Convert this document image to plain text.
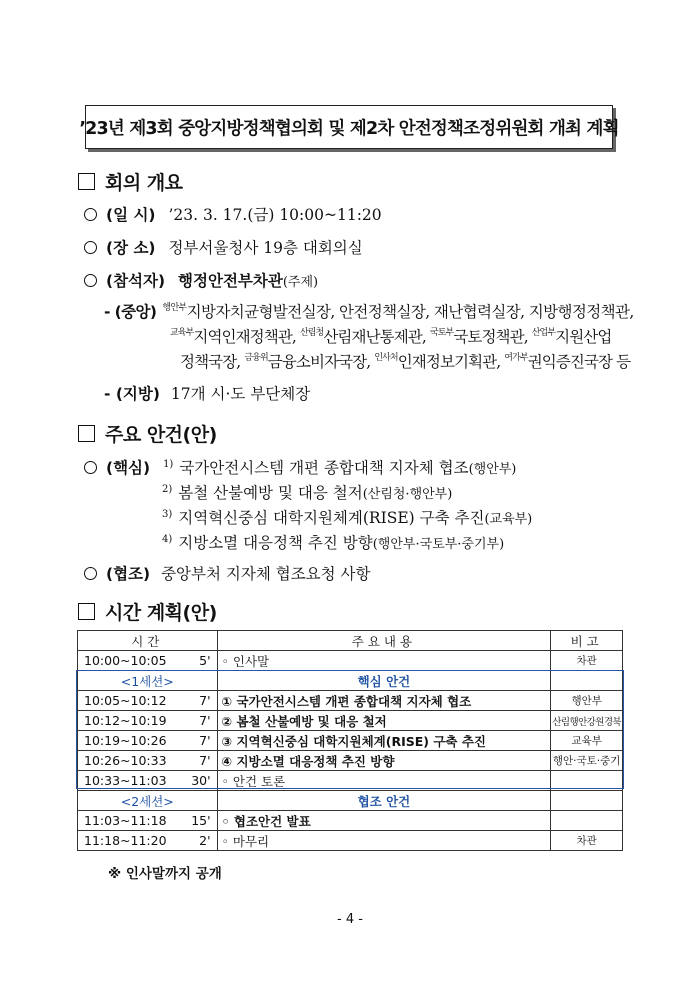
’23년 제3회 중앙지방정책협의회 및 제2차 안전정책조정위원회 개최 계획
회의 개요
(일 시) ’23. 3. 17.(금) 10:00~11:20
(장 소) 정부서울청사 19층 대회의실
(참석자) 행정안전부차관(주제)
- (중앙) $^{행안부}$지방자치균형발전실장, 안전정책실장, 재난협력실장, 지방행정정책관,
$^{교육부}$지역인재정책관, $^{산림청}$산림재난통제관, $^{국토부}$국토정책관, $^{산업부}$지원산업
정책국장, $^{금융위}$금융소비자국장, $^{인사처}$인재정보기획관, $^{여가부}$권익증진국장 등
- (지방) 17개 시·도 부단체장
주요 안건(안)
(핵심) $^{1)}$ 국가안전시스템 개편 종합대책 지자체 협조(행안부)
$^{2)}$ 봄철 산불예방 및 대응 철저(산림청·행안부)
$^{3)}$ 지역혁신중심 대학지원체계(RISE) 구축 추진(교육부)
$^{4)}$ 지방소멸 대응정책 추진 방향(행안부·국토부·중기부)
(협조) 중앙부처 지자체 협조요청 사항
시간 계획(안)
시간		주요내용	비고
10:00~10:05	5'	◦ 인사말	차관
<1세션>		핵심 안건	
10:05~10:12	7'	① 국가안전시스템 개편 종합대책 지자체 협조	행안부
10:12~10:19	7'	② 봄철 산불예방 및 대응 철저	산림행안강원경북
10:19~10:26	7'	③ 지역혁신중심 대학지원체계(RISE) 구축 추진	교육부
10:26~10:33	7'	④ 지방소멸 대응정책 추진 방향	행안·국토·중기
10:33~11:03	30'	◦ 안건 토론	
<2세션>		협조 안건	
11:03~11:18	15'	◦ 협조안건 발표	
11:18~11:20	2'	◦ 마무리	차관
※ 인사말까지 공개
- 4 -
